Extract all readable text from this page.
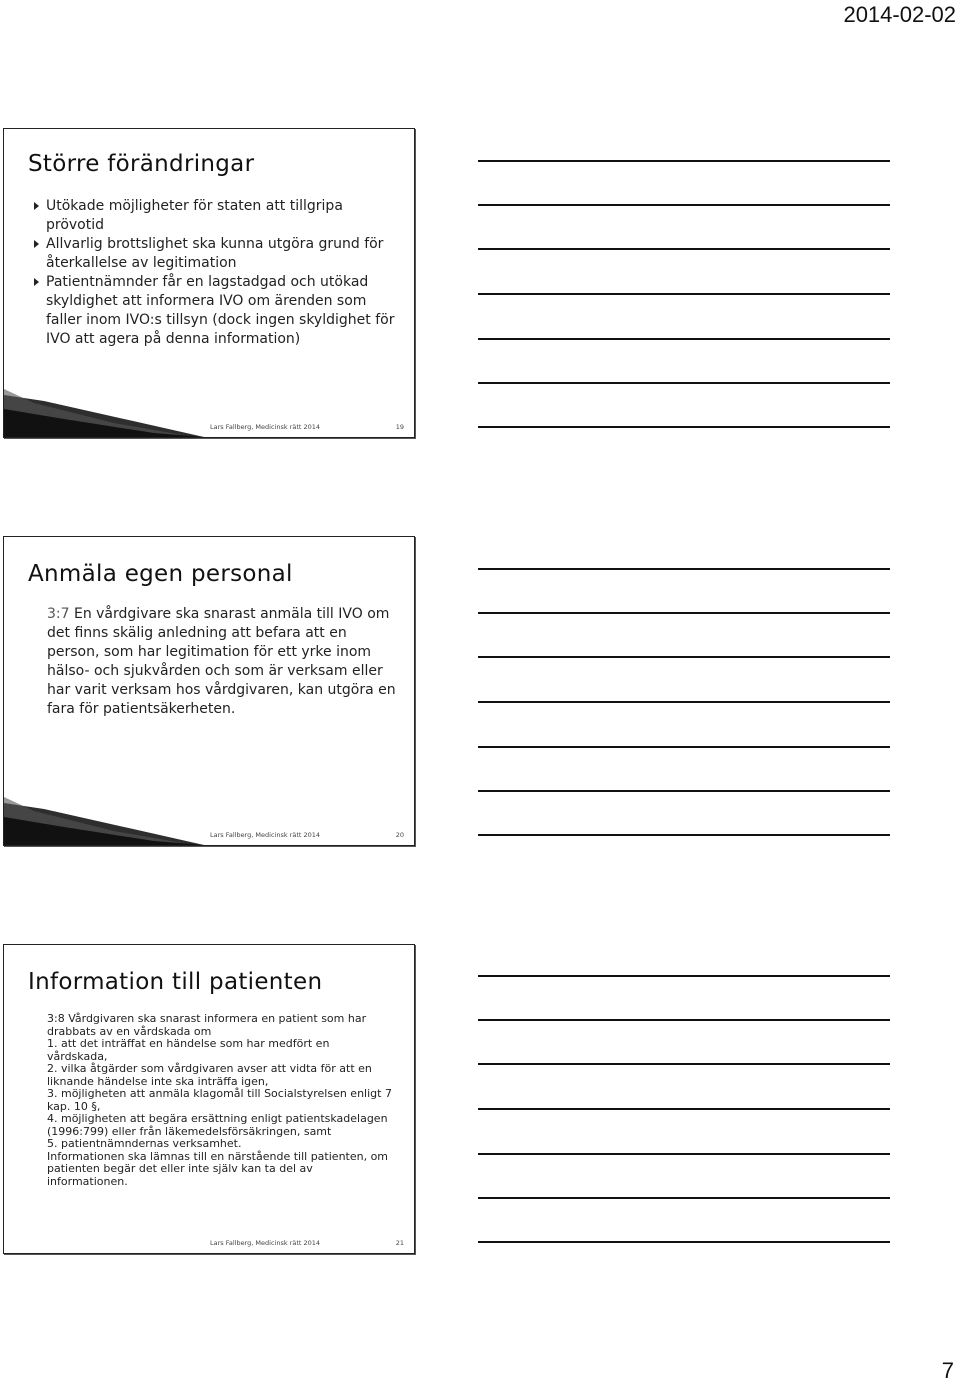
2014-02-02
Större förändringar
Utökade möjligheter för staten att tillgripa prövotid
Allvarlig brottslighet ska kunna utgöra grund för återkallelse av legitimation
Patientnämnder får en lagstadgad och utökad skyldighet att informera IVO om ärenden som faller inom IVO:s tillsyn (dock ingen skyldighet för IVO att agera på denna information)
Lars Fallberg, Medicinsk rätt 2014	19
Anmäla egen personal
3:7 En vårdgivare ska snarast anmäla till IVO om det finns skälig anledning att befara att en person, som har legitimation för ett yrke inom hälso- och sjukvården och som är verksam eller har varit verksam hos vårdgivaren, kan utgöra en fara för patientsäkerheten.
Lars Fallberg, Medicinsk rätt 2014	20
Information till patienten
3:8 Vårdgivaren ska snarast informera en patient som har drabbats av en vårdskada om
1. att det inträffat en händelse som har medfört en vårdskada,
2. vilka åtgärder som vårdgivaren avser att vidta för att en liknande händelse inte ska inträffa igen,
3. möjligheten att anmäla klagomål till Socialstyrelsen enligt 7 kap. 10 §,
4. möjligheten att begära ersättning enligt patientskadelagen (1996:799) eller från läkemedelsförsäkringen, samt
5. patientnämndernas verksamhet.
Informationen ska lämnas till en närstående till patienten, om patienten begär det eller inte själv kan ta del av informationen.
Lars Fallberg, Medicinsk rätt 2014	21
7
